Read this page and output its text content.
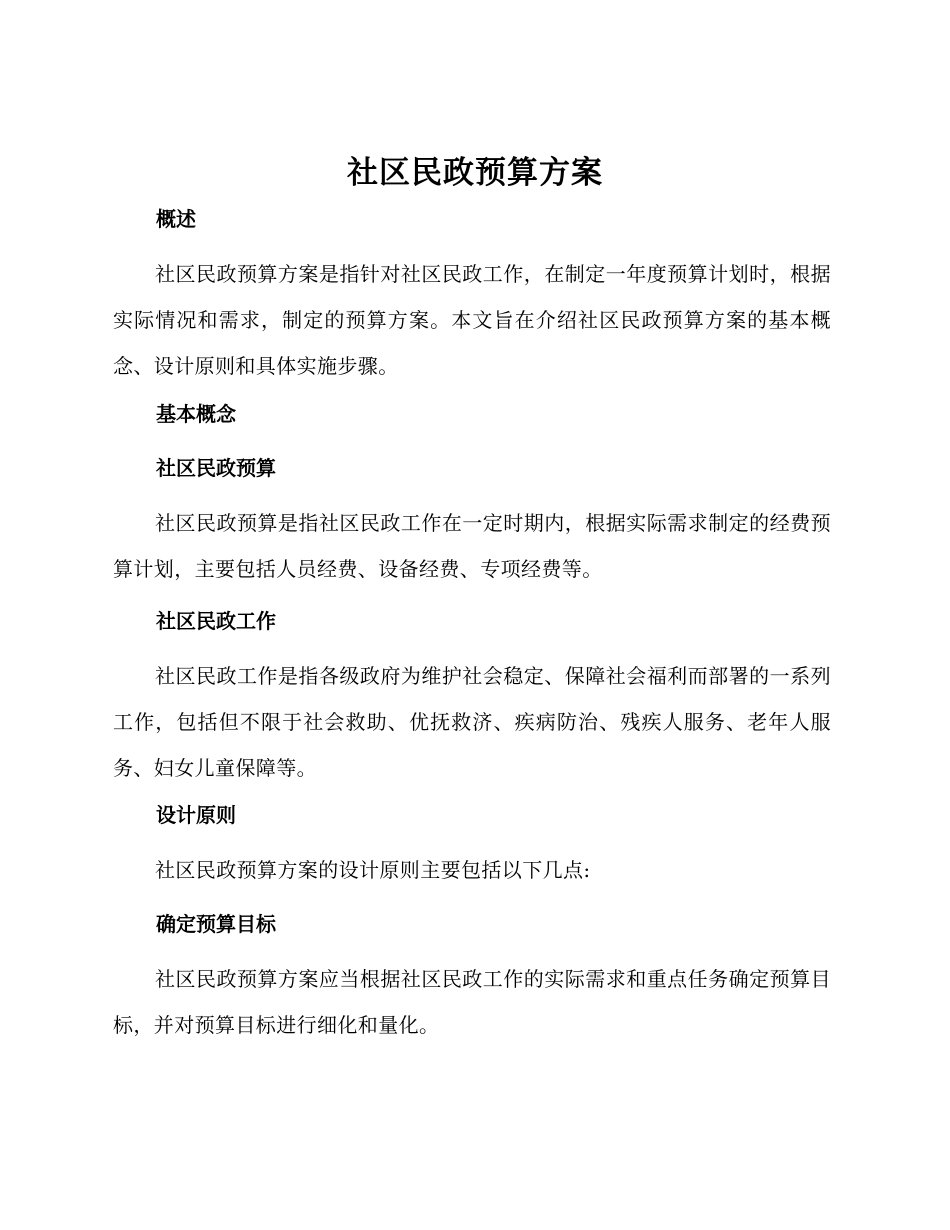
社区民政预算方案
概述

社区民政预算方案是指针对社区民政工作，在制定一年度预算计划时，根据实际情况和需求，制定的预算方案。本文旨在介绍社区民政预算方案的基本概念、设计原则和具体实施步骤。

基本概念
社区民政预算

社区民政预算是指社区民政工作在一定时期内，根据实际需求制定的经费预算计划，主要包括人员经费、设备经费、专项经费等。

社区民政工作

社区民政工作是指各级政府为维护社会稳定、保障社会福利而部署的一系列工作，包括但不限于社会救助、优抚救济、疾病防治、残疾人服务、老年人服务、妇女儿童保障等。

设计原则

社区民政预算方案的设计原则主要包括以下几点:

确定预算目标

社区民政预算方案应当根据社区民政工作的实际需求和重点任务确定预算目标，并对预算目标进行细化和量化。
